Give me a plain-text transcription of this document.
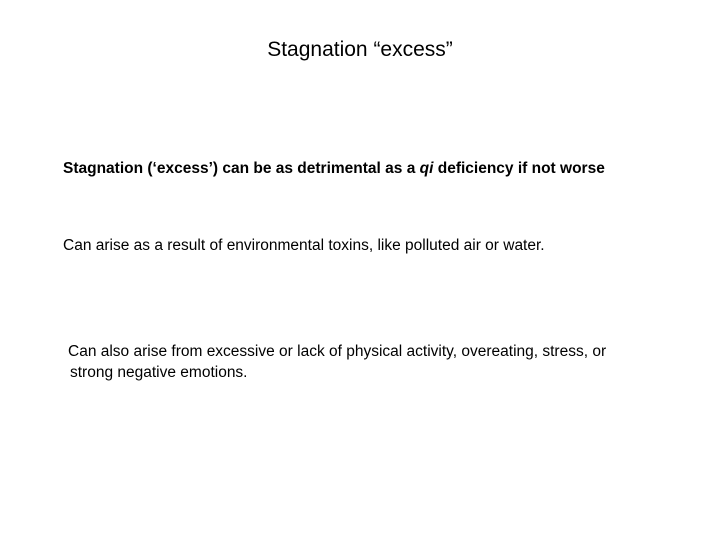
Stagnation “excess”
Stagnation (‘excess’) can be as detrimental as a qi deficiency if not worse
Can arise as a result of environmental toxins, like polluted air or water.
Can also arise from excessive or lack of physical activity, overeating, stress, or
strong negative emotions.
